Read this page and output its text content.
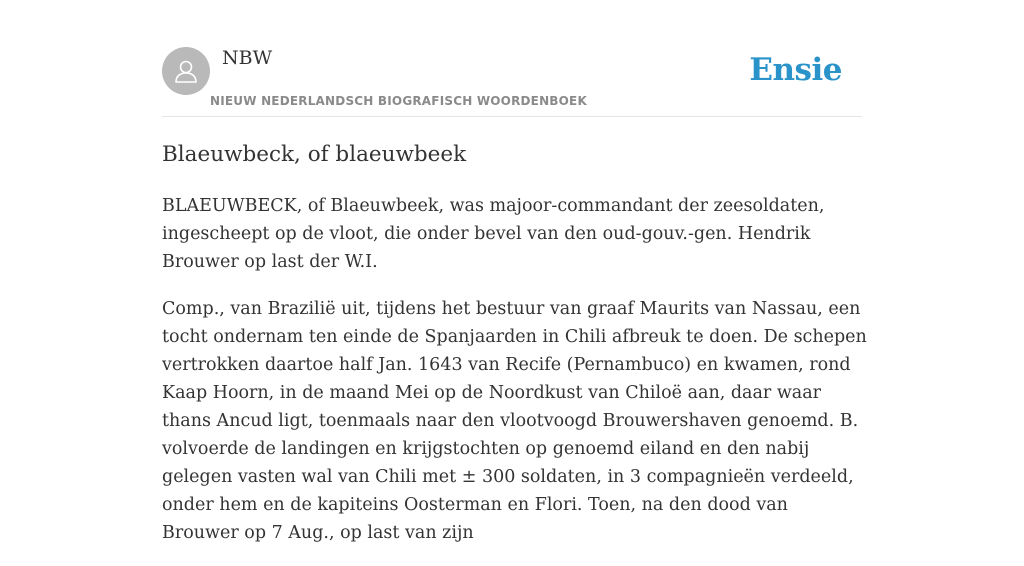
NBW
NIEUW NEDERLANDSCH BIOGRAFISCH WOORDENBOEK
Ensie
Blaeuwbeck, of blaeuwbeek

BLAEUWBECK, of Blaeuwbeek, was majoor-commandant der zeesoldaten, ingescheept op de vloot, die onder bevel van den oud-gouv.-gen. Hendrik Brouwer op last der W.I.

Comp., van Brazilië uit, tijdens het bestuur van graaf Maurits van Nassau, een tocht ondernam ten einde de Spanjaarden in Chili afbreuk te doen. De schepen vertrokken daartoe half Jan. 1643 van Recife (Pernambuco) en kwamen, rond Kaap Hoorn, in de maand Mei op de Noordkust van Chiloë aan, daar waar thans Ancud ligt, toenmaals naar den vlootvoogd Brouwershaven genoemd. B. volvoerde de landingen en krijgstochten op genoemd eiland en den nabij gelegen vasten wal van Chili met ± 300 soldaten, in 3 compagnieën verdeeld, onder hem en de kapiteins Oosterman en Flori. Toen, na den dood van Brouwer op 7 Aug., op last van zijn
